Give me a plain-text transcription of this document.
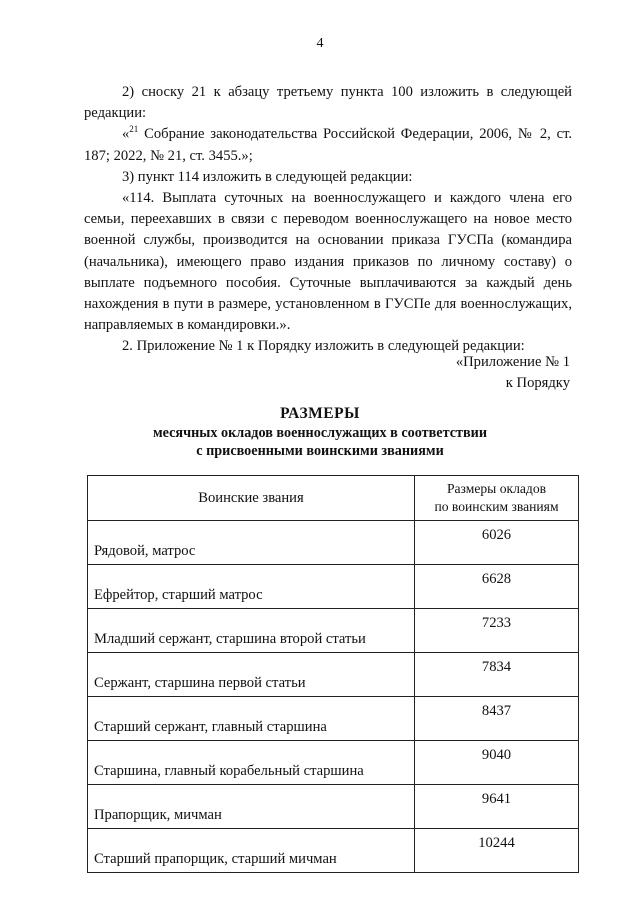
4

2) сноску 21 к абзацу третьему пункта 100 изложить в следующей редакции:

«$^{21}$ Собрание законодательства Российской Федерации, 2006, № 2, ст. 187; 2022, № 21, ст. 3455.»;

3) пункт 114 изложить в следующей редакции:

«114. Выплата суточных на военнослужащего и каждого члена его семьи, переехавших в связи с переводом военнослужащего на новое место военной службы, производится на основании приказа ГУСПа (командира (начальника), имеющего право издания приказов по личному составу) о выплате подъемного пособия. Суточные выплачиваются за каждый день нахождения в пути в размере, установленном в ГУСПе для военнослужащих, направляемых в командировки.».

2. Приложение № 1 к Порядку изложить в следующей редакции:

«Приложение № 1
к Порядку
РАЗМЕРЫ
месячных окладов военнослужащих в соответствии
с присвоенными воинскими званиями
Воинские звания	Размеры окладов
по воинским званиям

Рядовой, матрос	6026
Ефрейтор, старший матрос	6628
Младший сержант, старшина второй статьи	7233
Сержант, старшина первой статьи	7834
Старший сержант, главный старшина	8437
Старшина, главный корабельный старшина	9040
Прапорщик, мичман	9641
Старший прапорщик, старший мичман	10244
